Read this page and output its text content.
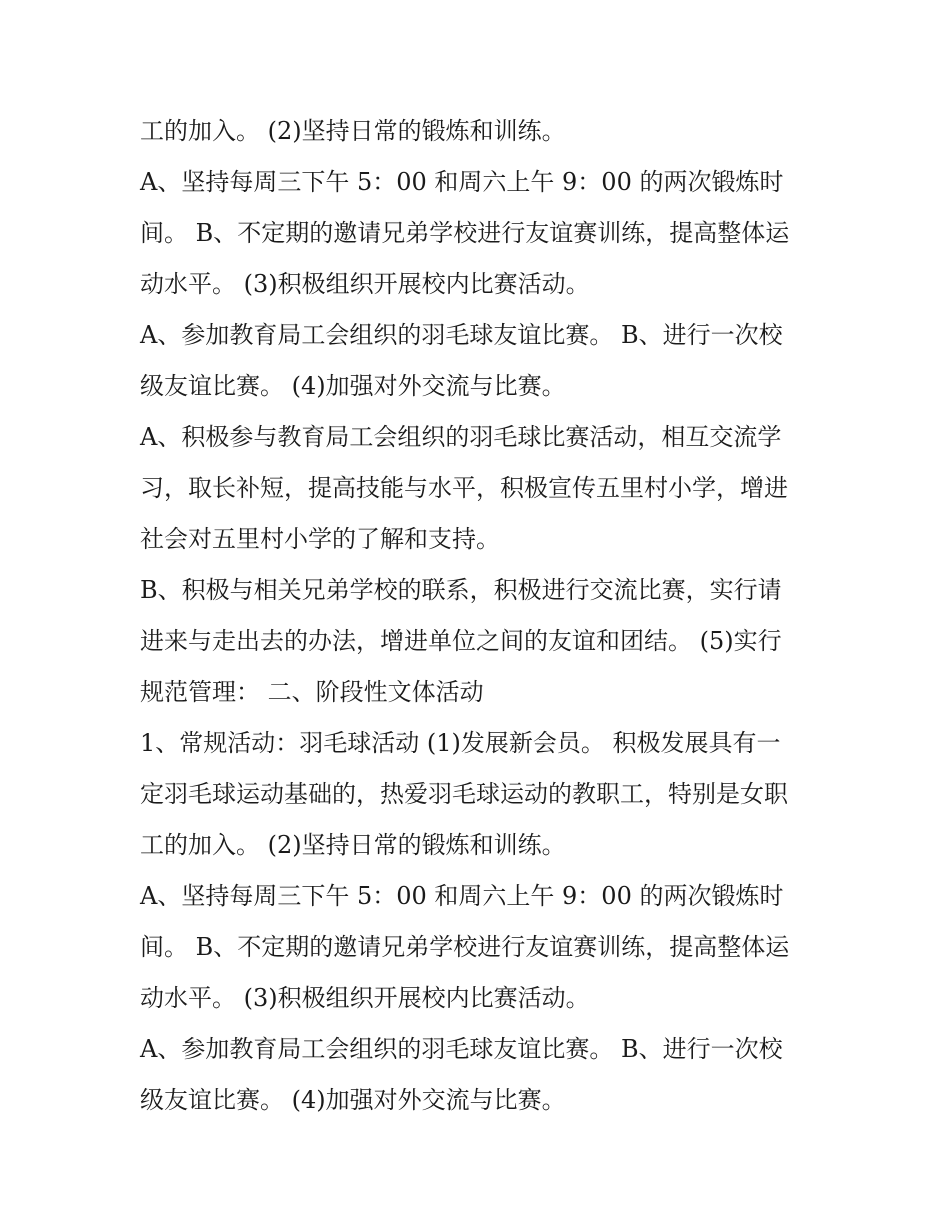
工的加入。 (2)坚持日常的锻炼和训练。
A、坚持每周三下午 5：00 和周六上午 9：00 的两次锻炼时
间。 B、不定期的邀请兄弟学校进行友谊赛训练，提高整体运
动水平。 (3)积极组织开展校内比赛活动。
A、参加教育局工会组织的羽毛球友谊比赛。 B、进行一次校
级友谊比赛。 (4)加强对外交流与比赛。
A、积极参与教育局工会组织的羽毛球比赛活动，相互交流学
习，取长补短，提高技能与水平，积极宣传五里村小学，增进
社会对五里村小学的了解和支持。
B、积极与相关兄弟学校的联系，积极进行交流比赛，实行请
进来与走出去的办法，增进单位之间的友谊和团结。 (5)实行
规范管理： 二、阶段性文体活动
1、常规活动：羽毛球活动 (1)发展新会员。 积极发展具有一
定羽毛球运动基础的，热爱羽毛球运动的教职工，特别是女职
工的加入。 (2)坚持日常的锻炼和训练。
A、坚持每周三下午 5：00 和周六上午 9：00 的两次锻炼时
间。 B、不定期的邀请兄弟学校进行友谊赛训练，提高整体运
动水平。 (3)积极组织开展校内比赛活动。
A、参加教育局工会组织的羽毛球友谊比赛。 B、进行一次校
级友谊比赛。 (4)加强对外交流与比赛。
